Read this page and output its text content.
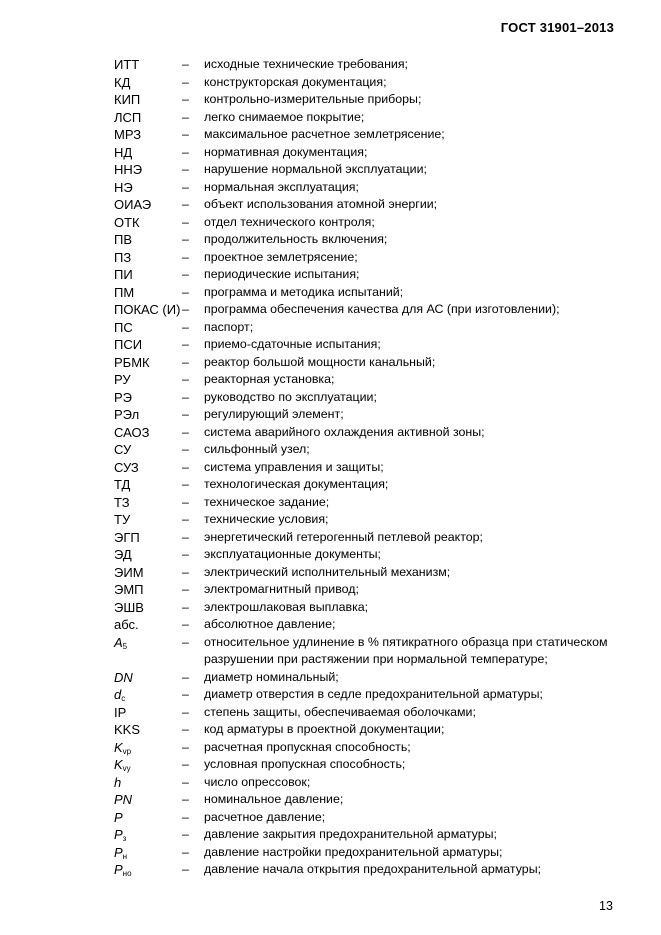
ГОСТ 31901–2013
ИТТ	–	исходные технические требования;
КД	–	конструкторская документация;
КИП	–	контрольно-измерительные приборы;
ЛСП	–	легко снимаемое покрытие;
МРЗ	–	максимальное расчетное землетрясение;
НД	–	нормативная документация;
ННЭ	–	нарушение нормальной эксплуатации;
НЭ	–	нормальная эксплуатация;
ОИАЭ	–	объект использования атомной энергии;
ОТК	–	отдел технического контроля;
ПВ	–	продолжительность включения;
ПЗ	–	проектное землетрясение;
ПИ	–	периодические испытания;
ПМ	–	программа и методика испытаний;
ПОКАС (И) –	программа обеспечения качества для АС (при изготовлении);
ПС	–	паспорт;
ПСИ	–	приемо-сдаточные испытания;
РБМК	–	реактор большой мощности канальный;
РУ	–	реакторная установка;
РЭ	–	руководство по эксплуатации;
РЭл	–	регулирующий элемент;
САОЗ	–	система аварийного охлаждения активной зоны;
СУ	–	сильфонный узел;
СУЗ	–	система управления и защиты;
ТД	–	технологическая документация;
ТЗ	–	техническое задание;
ТУ	–	технические условия;
ЭГП	–	энергетический гетерогенный петлевой реактор;
ЭД	–	эксплуатационные документы;
ЭИМ	–	электрический исполнительный механизм;
ЭМП	–	электромагнитный привод;
ЭШВ	–	электрошлаковая выплавка;
абс.	–	абсолютное давление;
$A_5$	–	относительное удлинение в % пятикратного образца при статическом разрушении при растяжении при нормальной температуре;
DN	–	диаметр номинальный;
$d_c$	–	диаметр отверстия в седле предохранительной арматуры;
IP	–	степень защиты, обеспечиваемая оболочками;
KKS	–	код арматуры в проектной документации;
$K_{vp}$	–	расчетная пропускная способность;
$K_{vy}$	–	условная пропускная способность;
h	–	число опрессовок;
PN	–	номинальное давление;
P	–	расчетное давление;
$P_з$	–	давление закрытия предохранительной арматуры;
$P_н$	–	давление настройки предохранительной арматуры;
$P_{но}$	–	давление начала открытия предохранительной арматуры;
13
